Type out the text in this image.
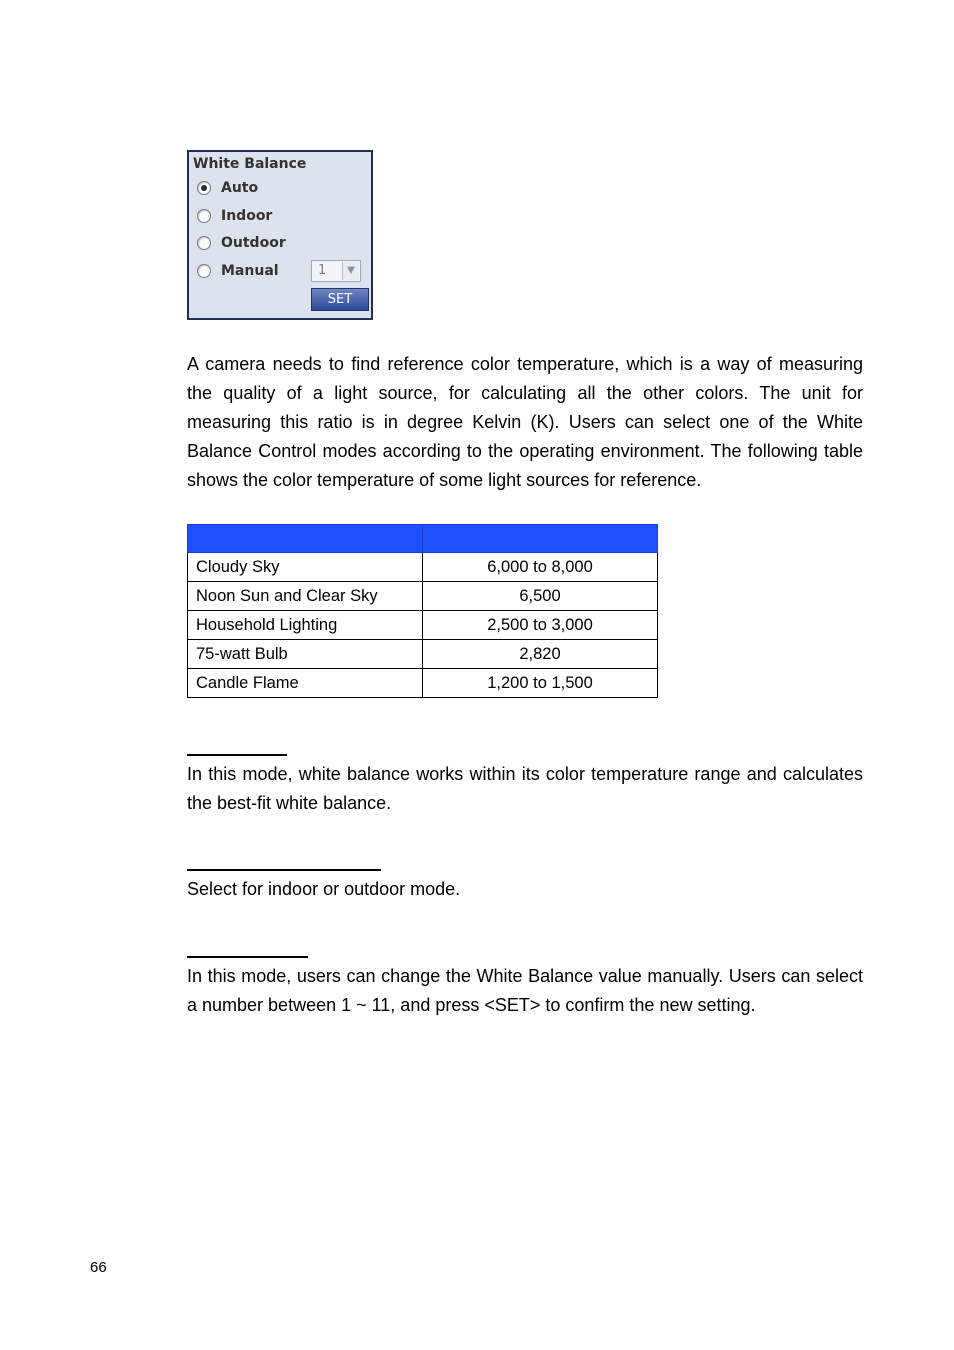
White Balance
Auto
Indoor
Outdoor
Manual	1	▼
SET

A camera needs to find reference color temperature, which is a way of measuring the quality of a light source, for calculating all the other colors. The unit for measuring this ratio is in degree Kelvin (K). Users can select one of the White Balance Control modes according to the operating environment. The following table shows the color temperature of some light sources for reference.

Cloudy Sky	6,000 to 8,000
Noon Sun and Clear Sky	6,500
Household Lighting	2,500 to 3,000
75-watt Bulb	2,820
Candle Flame	1,200 to 1,500

In this mode, white balance works within its color temperature range and calculates the best-fit white balance.

Select for indoor or outdoor mode.

In this mode, users can change the White Balance value manually. Users can select a number between 1 ~ 11, and press <SET> to confirm the new setting.

66
